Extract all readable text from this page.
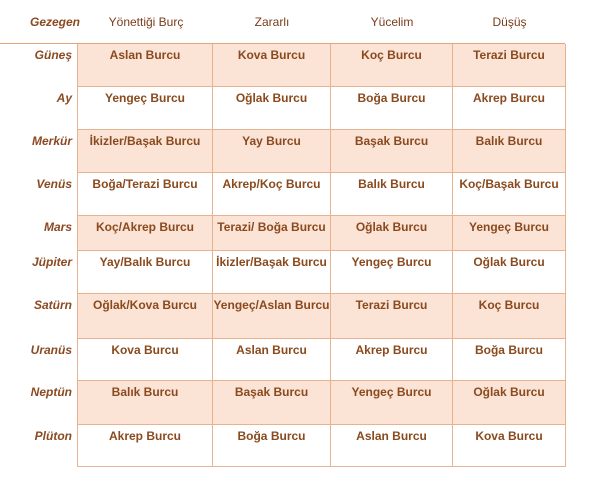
Gezegen	Yönettiği Burç	Zararlı	Yücelim	Düşüş
Güneş	Aslan Burcu	Kova Burcu	Koç Burcu	Terazi Burcu
Ay	Yengeç Burcu	Oğlak Burcu	Boğa Burcu	Akrep Burcu
Merkür	İkizler/Başak Burcu	Yay Burcu	Başak Burcu	Balık Burcu
Venüs	Boğa/Terazi Burcu	Akrep/Koç Burcu	Balık Burcu	Koç/Başak Burcu
Mars	Koç/Akrep Burcu	Terazi/ Boğa Burcu	Oğlak Burcu	Yengeç Burcu
Jüpiter	Yay/Balık Burcu	İkizler/Başak Burcu	Yengeç Burcu	Oğlak Burcu
Satürn	Oğlak/Kova Burcu	Yengeç/Aslan Burcu	Terazi Burcu	Koç Burcu
Uranüs	Kova Burcu	Aslan Burcu	Akrep Burcu	Boğa Burcu
Neptün	Balık Burcu	Başak Burcu	Yengeç Burcu	Oğlak Burcu
Plüton	Akrep Burcu	Boğa Burcu	Aslan Burcu	Kova Burcu
